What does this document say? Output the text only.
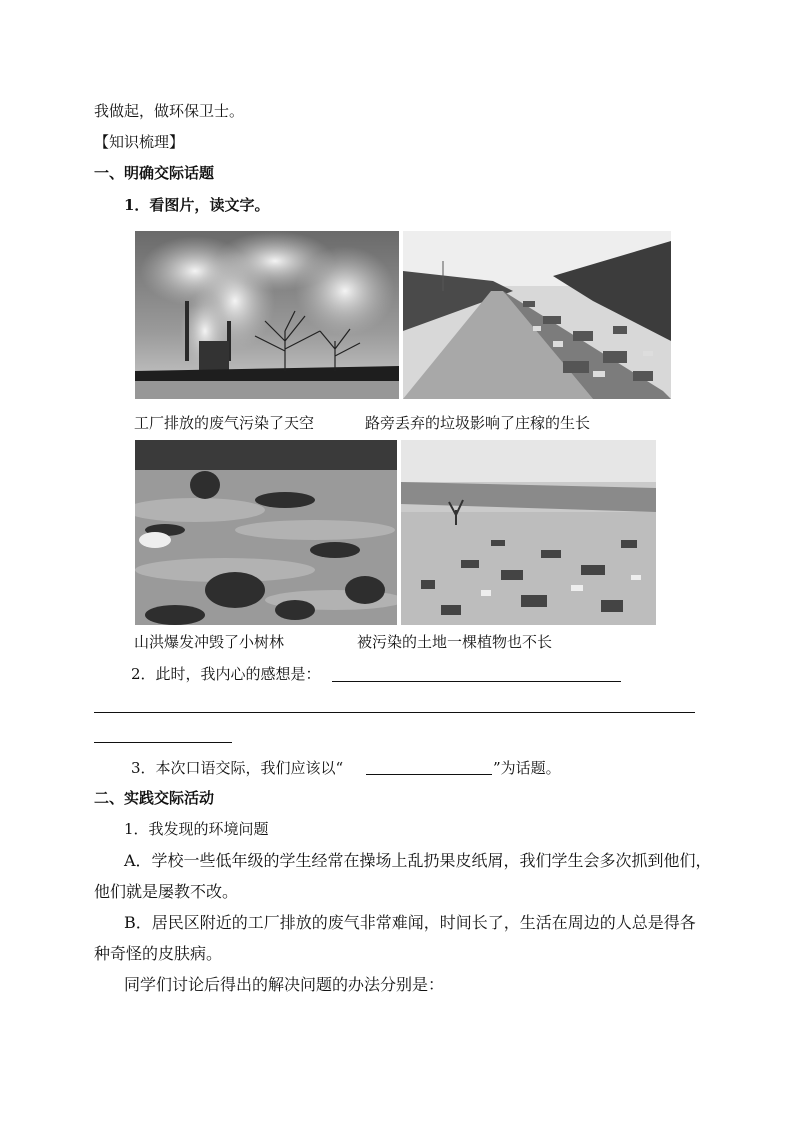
我做起，做环保卫士。
【知识梳理】
一、明确交际话题
1．看图片，读文字。
工厂排放的废气污染了天空	路旁丢弃的垃圾影响了庄稼的生长
山洪爆发冲毁了小树林	被污染的土地一棵植物也不长
2．此时，我内心的感想是：
3．本次口语交际，我们应该以“	”为话题。
二、实践交际活动
1．我发现的环境问题
A．学校一些低年级的学生经常在操场上乱扔果皮纸屑，我们学生会多次抓到他们，
他们就是屡教不改。
B．居民区附近的工厂排放的废气非常难闻，时间长了，生活在周边的人总是得各
种奇怪的皮肤病。
同学们讨论后得出的解决问题的办法分别是：
